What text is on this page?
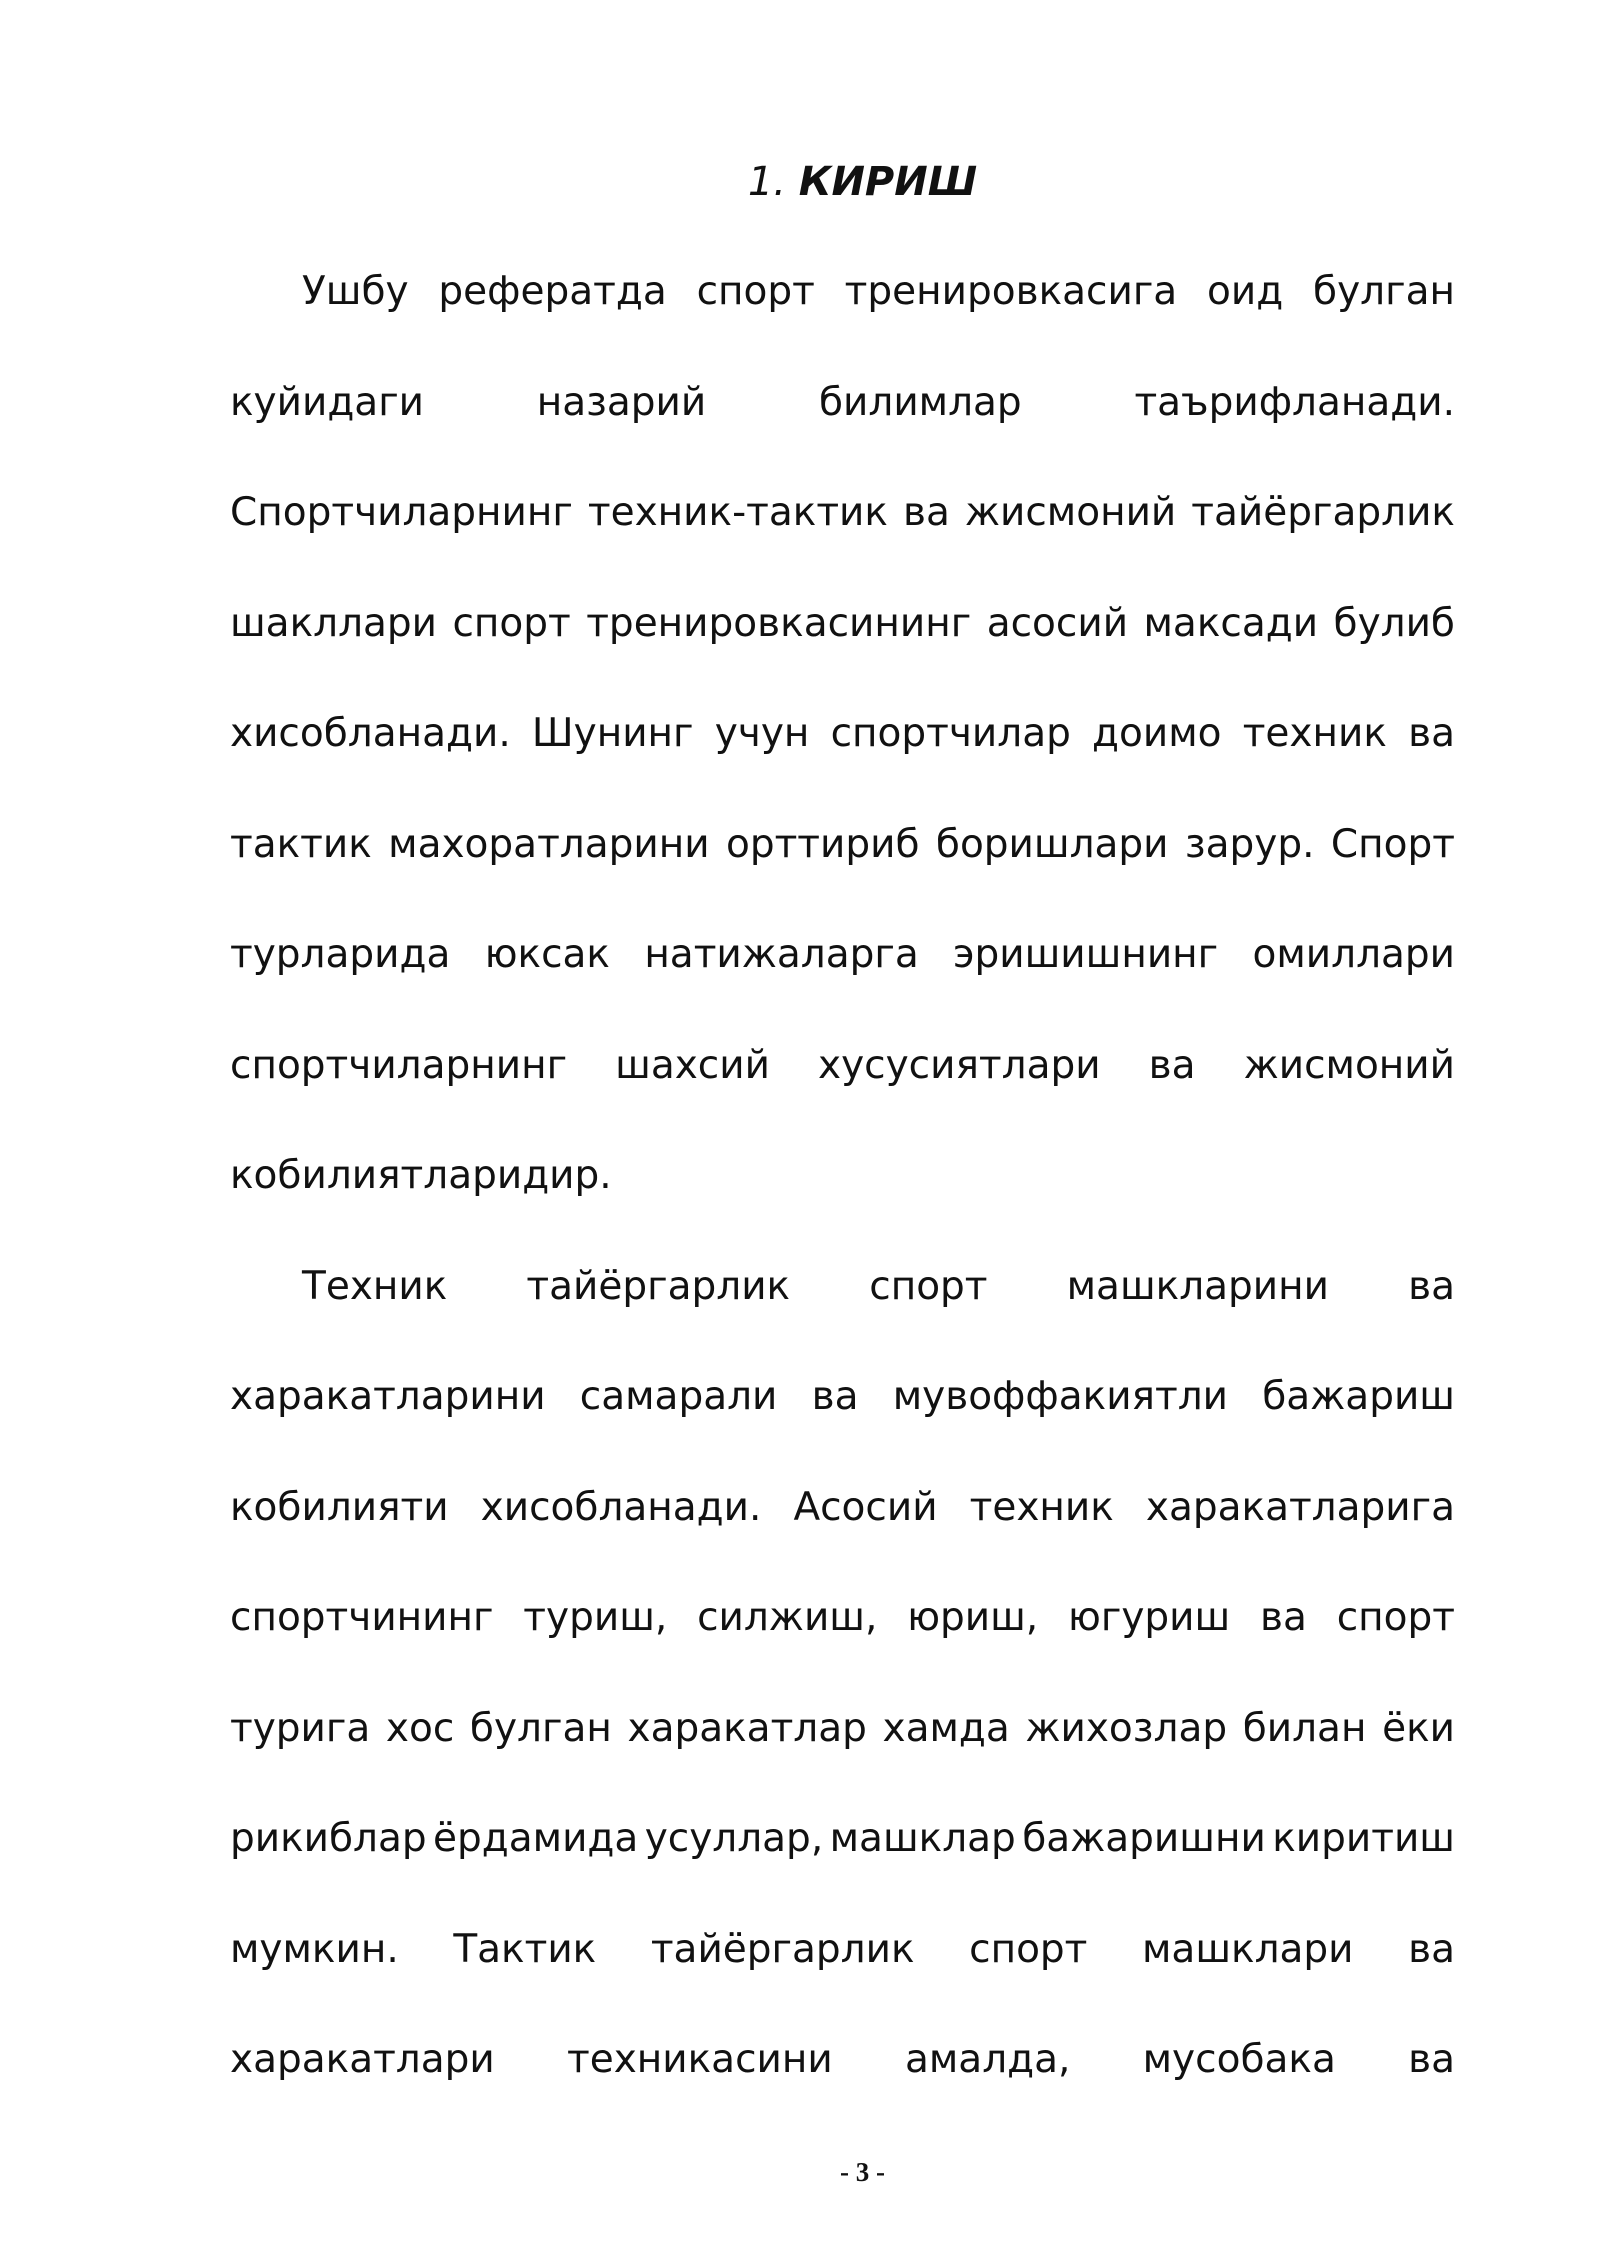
1. КИРИШ
Ушбу рефератда спорт тренировкасига оид булган
куйидаги	назарий	билимлар	таърифланади.
Спортчиларнинг техник-тактик ва жисмоний тайёргарлик
шакллари спорт тренировкасининг асосий максади булиб
хисобланади. Шунинг учун спортчилар доимо техник ва
тактик махоратларини орттириб боришлари зарур. Спорт
турларида юксак натижаларга эришишнинг омиллари
спортчиларнинг шахсий хусусиятлари ва жисмоний
кобилиятларидир.
Техник тайёргарлик спорт машкларини ва
харакатларини самарали ва мувоффакиятли бажариш
кобилияти хисобланади. Асосий техник харакатларига
спортчининг туриш, силжиш, юриш, югуриш ва спорт
турига хос булган харакатлар хамда жихозлар билан ёки
рикиблар ёрдамида усуллар, машклар бажаришни киритиш
мумкин. Тактик тайёргарлик спорт машклари ва
харакатлари техникасини амалда, мусобака ва
- 3 -
